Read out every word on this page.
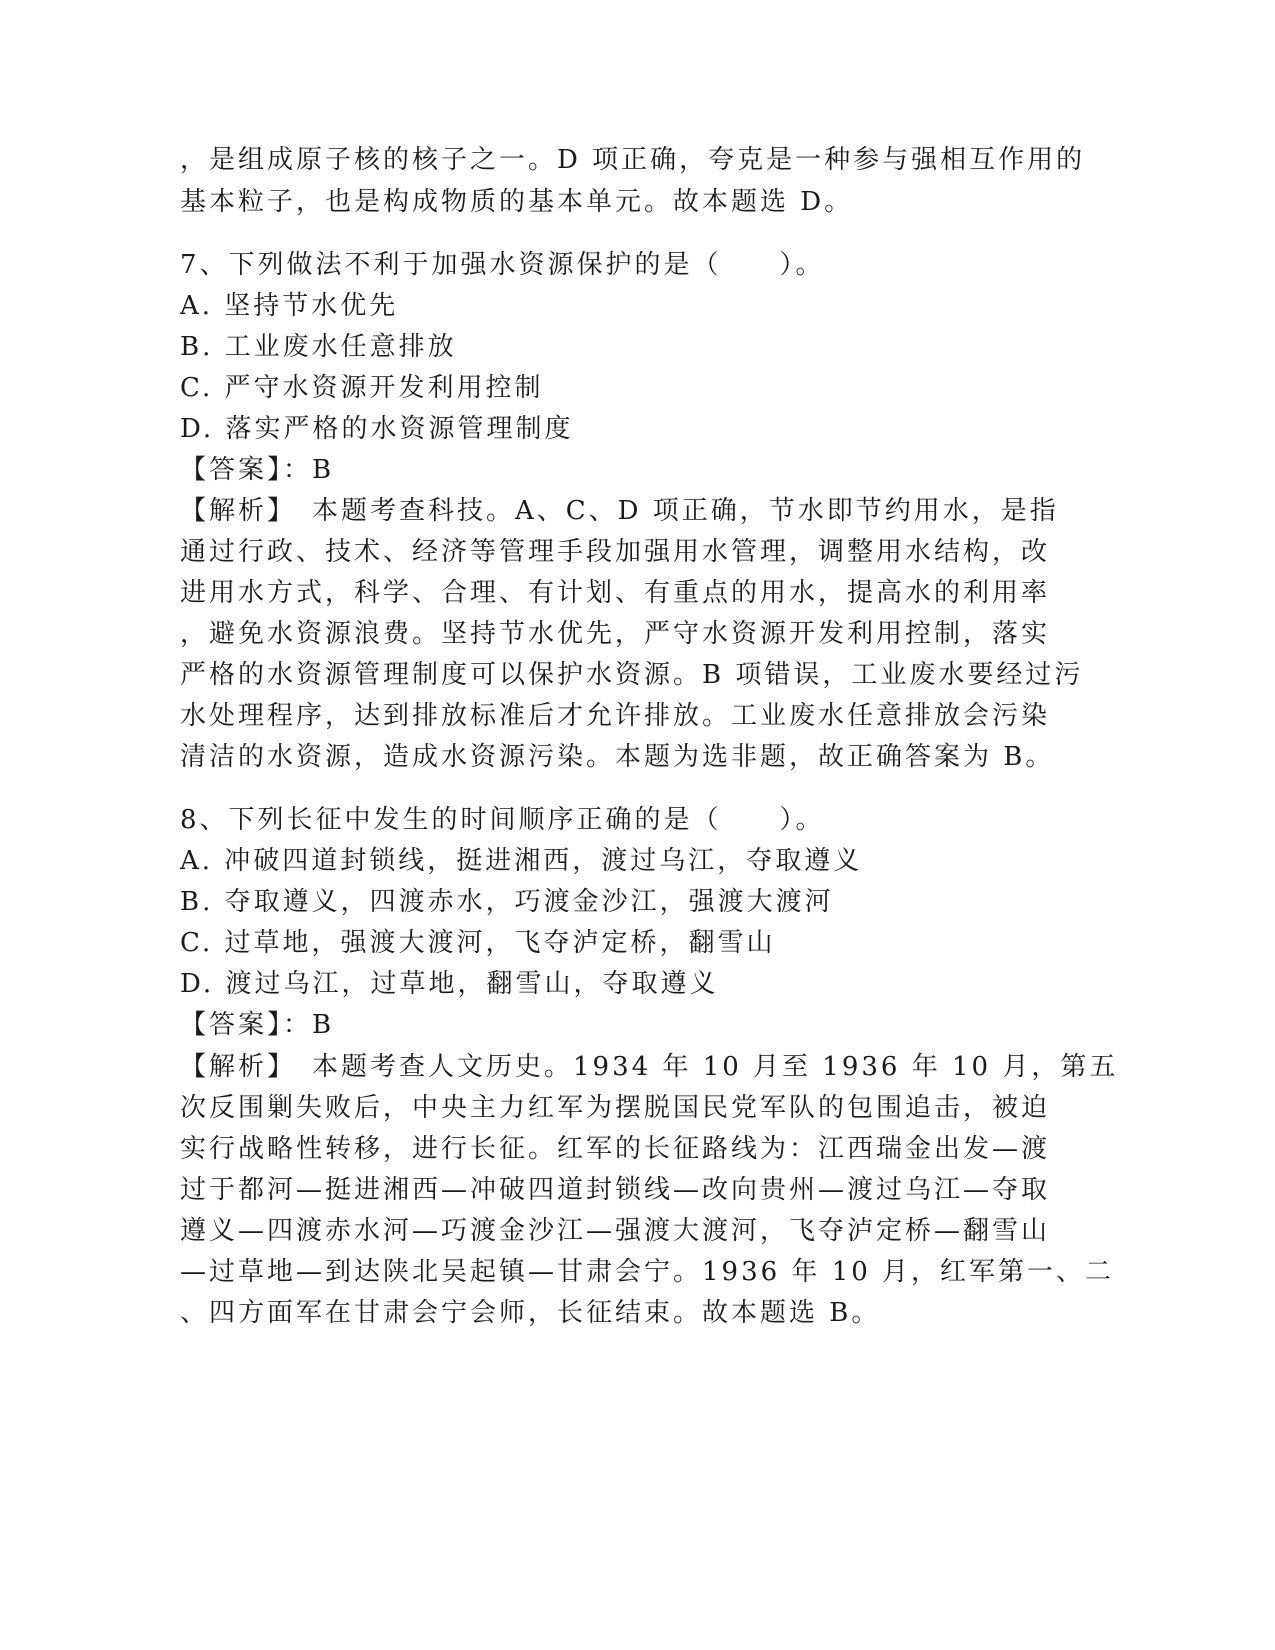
，是组成原子核的核子之一。D 项正确，夸克是一种参与强相互作用的
基本粒子，也是构成物质的基本单元。故本题选 D。
7、下列做法不利于加强水资源保护的是（　　）。
A. 坚持节水优先
B. 工业废水任意排放
C. 严守水资源开发利用控制
D. 落实严格的水资源管理制度
【答案】：B
【解析】　本题考查科技。A、C、D 项正确，节水即节约用水，是指
通过行政、技术、经济等管理手段加强用水管理，调整用水结构，改
进用水方式，科学、合理、有计划、有重点的用水，提高水的利用率
，避免水资源浪费。坚持节水优先，严守水资源开发利用控制，落实
严格的水资源管理制度可以保护水资源。B 项错误，工业废水要经过污
水处理程序，达到排放标准后才允许排放。工业废水任意排放会污染
清洁的水资源，造成水资源污染。本题为选非题，故正确答案为 B。
8、下列长征中发生的时间顺序正确的是（　　）。
A. 冲破四道封锁线，挺进湘西，渡过乌江，夺取遵义
B. 夺取遵义，四渡赤水，巧渡金沙江，强渡大渡河
C. 过草地，强渡大渡河，飞夺泸定桥，翻雪山
D. 渡过乌江，过草地，翻雪山，夺取遵义
【答案】：B
【解析】　本题考查人文历史。1934 年 10 月至 1936 年 10 月，第五
次反围剿失败后，中央主力红军为摆脱国民党军队的包围追击，被迫
实行战略性转移，进行长征。红军的长征路线为：江西瑞金出发—渡
过于都河—挺进湘西—冲破四道封锁线—改向贵州—渡过乌江—夺取
遵义—四渡赤水河—巧渡金沙江—强渡大渡河，飞夺泸定桥—翻雪山
—过草地—到达陕北吴起镇—甘肃会宁。1936 年 10 月，红军第一、二
、四方面军在甘肃会宁会师，长征结束。故本题选 B。
